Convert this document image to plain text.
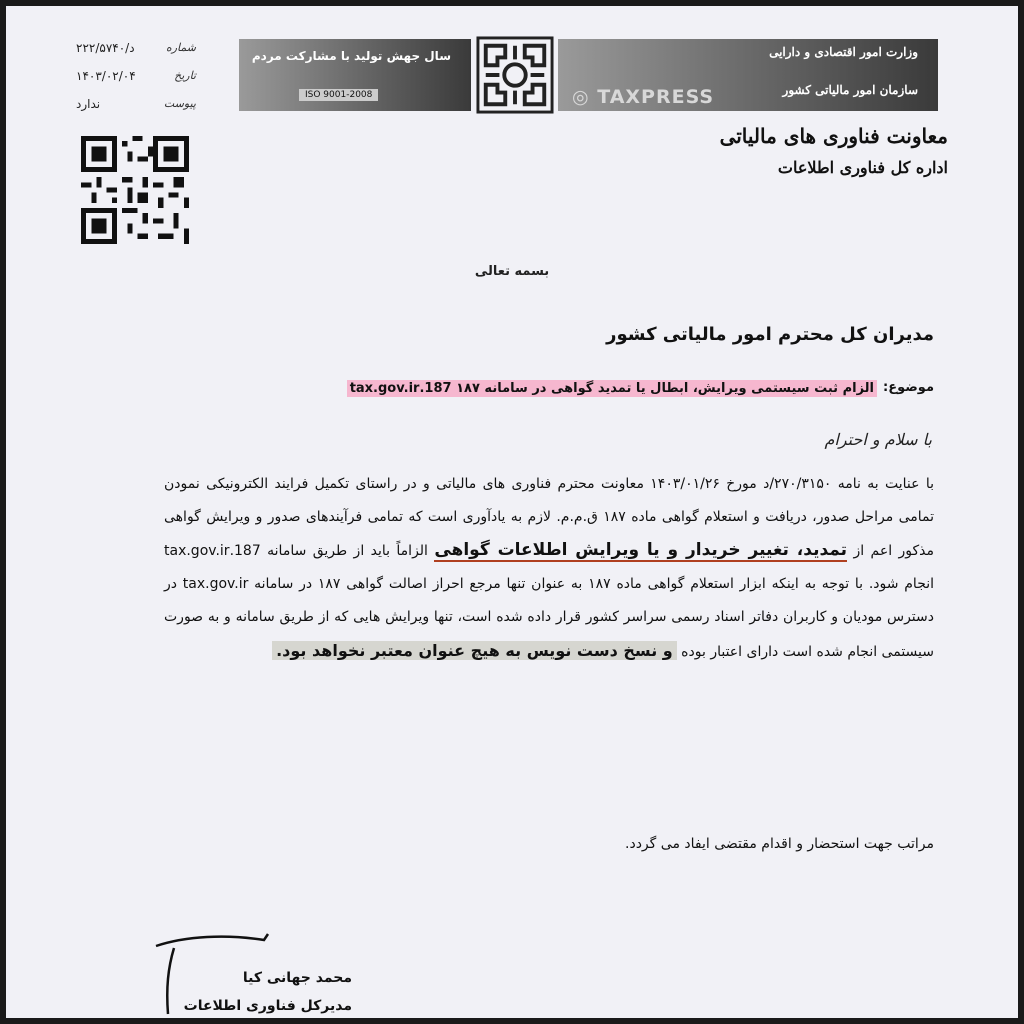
شماره
د/۲۲۲/۵۷۴۰
تاریخ
۱۴۰۳/۰۲/۰۴
پیوست
ندارد
سال جهش تولید با مشارکت مردم
ISO 9001-2008
وزارت امور اقتصادی و دارایی
سازمان امور مالیاتی کشور
◎ TAXPRESS
معاونت فناوری های مالیاتی
اداره کل فناوری اطلاعات
بسمه تعالی
مدیران کل محترم امور مالیاتی کشور
موضوع:
الزام ثبت سیستمی ویرایش، ابطال یا تمدید گواهی در سامانه ۱۸۷ 187.tax.gov.ir
با سلام و احترام

با عنایت به نامه ۲۷۰/۳۱۵۰/د مورخ ۱۴۰۳/۰۱/۲۶ معاونت محترم فناوری های مالیاتی و در راستای تکمیل فرایند الکترونیکی نمودن تمامی مراحل صدور، دریافت و استعلام گواهی ماده ۱۸۷ ق.م.م. لازم به یادآوری است که تمامی فرآیندهای صدور و ویرایش گواهی مذکور اعم از تمدید، تغییر خریدار و یا ویرایش اطلاعات گواهی الزاماً باید از طریق سامانه 187.tax.gov.ir انجام شود. با توجه به اینکه ابزار استعلام گواهی ماده ۱۸۷ به عنوان تنها مرجع احراز اصالت گواهی ۱۸۷ در سامانه tax.gov.ir در دسترس مودیان و کاربران دفاتر اسناد رسمی سراسر کشور قرار داده شده است، تنها ویرایش هایی که از طریق سامانه و به صورت سیستمی انجام شده است دارای اعتبار بوده و نسخ دست نویس به هیچ عنوان معتبر نخواهد بود.

مراتب جهت استحضار و اقدام مقتضی ایفاد می گردد.
محمد جهانی کیا
مدیرکل فناوری اطلاعات
